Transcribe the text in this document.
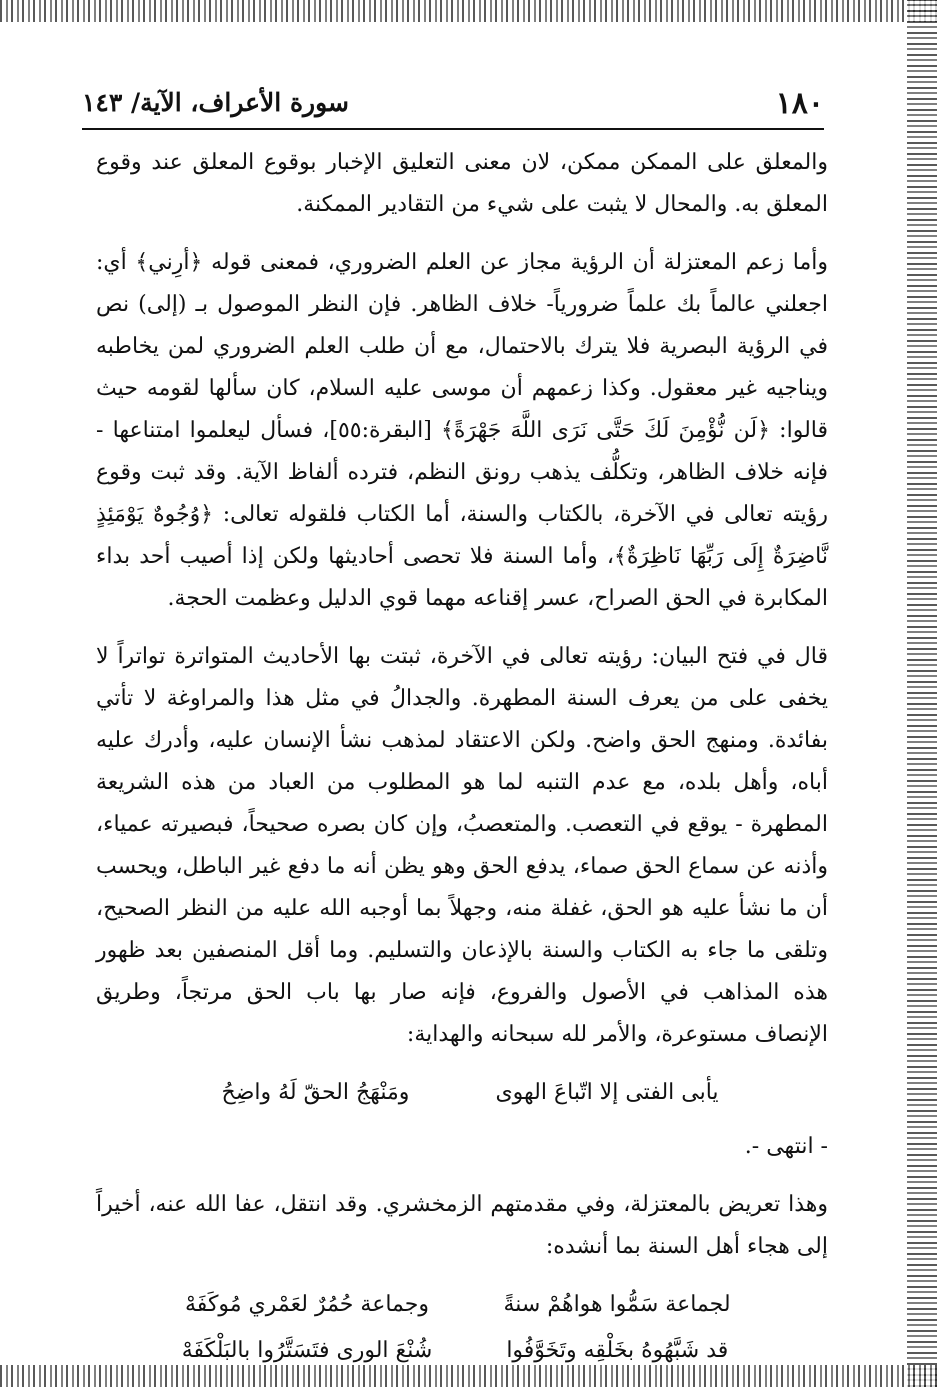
١٨٠
سورة الأعراف، الآية/ ١٤٣

والمعلق على الممكن ممكن، لان معنى التعليق الإخبار بوقوع المعلق عند وقوع المعلق به. والمحال لا يثبت على شيء من التقادير الممكنة.

وأما زعم المعتزلة أن الرؤية مجاز عن العلم الضروري، فمعنى قوله ﴿أرِني﴾ أي: اجعلني عالماً بك علماً ضرورياً- خلاف الظاهر. فإن النظر الموصول بـ (إلى) نص في الرؤية البصرية فلا يترك بالاحتمال، مع أن طلب العلم الضروري لمن يخاطبه ويناجيه غير معقول. وكذا زعمهم أن موسى عليه السلام، كان سألها لقومه حيث قالوا: ﴿لَن نُّؤْمِنَ لَكَ حَتَّى نَرَى اللَّهَ جَهْرَةً﴾ [البقرة:٥٥]، فسأل ليعلموا امتناعها - فإنه خلاف الظاهر، وتكلُّف يذهب رونق النظم، فترده ألفاظ الآية. وقد ثبت وقوع رؤيته تعالى في الآخرة، بالكتاب والسنة، أما الكتاب فلقوله تعالى: ﴿وُجُوهٌ يَوْمَئِذٍ نَّاضِرَةٌ إِلَى رَبِّهَا نَاظِرَةٌ﴾، وأما السنة فلا تحصى أحاديثها ولكن إذا أصيب أحد بداء المكابرة في الحق الصراح، عسر إقناعه مهما قوي الدليل وعظمت الحجة.

قال في فتح البيان: رؤيته تعالى في الآخرة، ثبتت بها الأحاديث المتواترة تواتراً لا يخفى على من يعرف السنة المطهرة. والجدالُ في مثل هذا والمراوغة لا تأتي بفائدة. ومنهج الحق واضح. ولكن الاعتقاد لمذهب نشأ الإنسان عليه، وأدرك عليه أباه، وأهل بلده، مع عدم التنبه لما هو المطلوب من العباد من هذه الشريعة المطهرة - يوقع في التعصب. والمتعصبُ، وإن كان بصره صحيحاً، فبصيرته عمياء، وأذنه عن سماع الحق صماء، يدفع الحق وهو يظن أنه ما دفع غير الباطل، ويحسب أن ما نشأ عليه هو الحق، غفلة منه، وجهلاً بما أوجبه الله عليه من النظر الصحيح، وتلقى ما جاء به الكتاب والسنة بالإذعان والتسليم. وما أقل المنصفين بعد ظهور هذه المذاهب في الأصول والفروع، فإنه صار بها باب الحق مرتجاً، وطريق الإنصاف مستوعرة، والأمر لله سبحانه والهداية:

يأبى الفتى إلا اتّباعَ الهوى
ومَنْهَجُ الحقّ لَهُ واضِحُ

- انتهى -.

وهذا تعريض بالمعتزلة، وفي مقدمتهم الزمخشري. وقد انتقل، عفا الله عنه، أخيراً إلى هجاء أهل السنة بما أنشده:

لجماعة سَمُّوا هواهُمْ سنةً
وجماعة حُمُرٌ لعَمْري مُوكَفَهْ
قد شَبَّهُوهُ بخَلْقِه وتَخَوَّفُوا
شُنْعَ الورى فتَسَتَّرُوا بالبَلْكَفَهْ
